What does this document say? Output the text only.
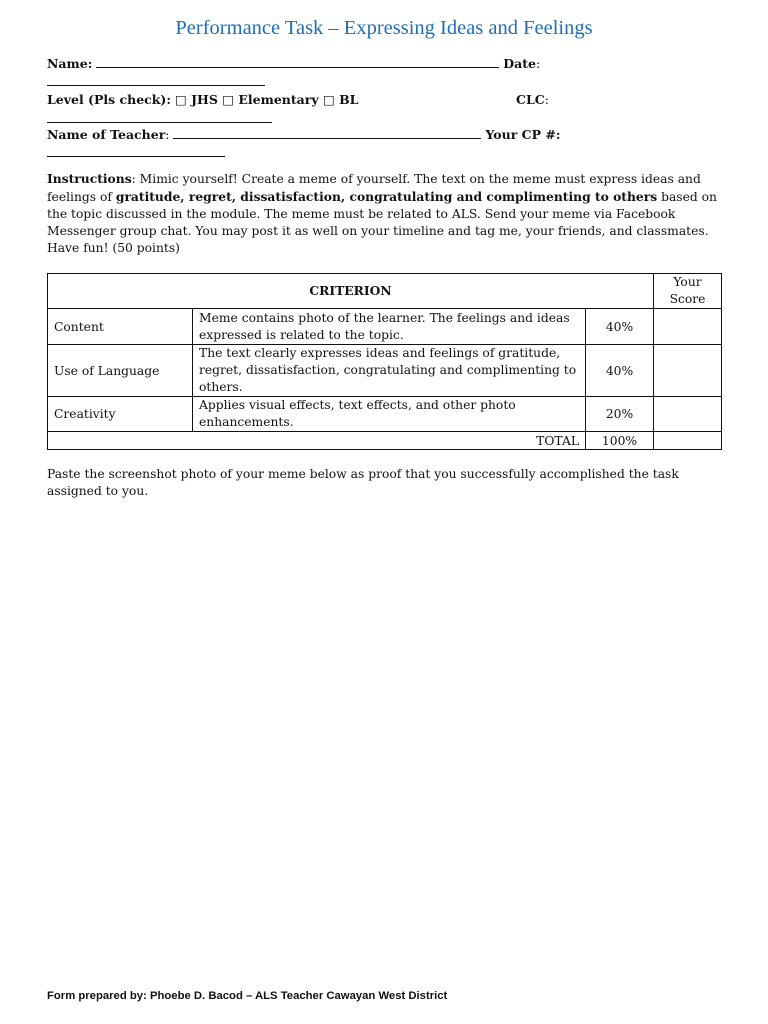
Performance Task – Expressing Ideas and Feelings
Name:	Date:
Level (Pls check): □ JHS □ Elementary □ BL	CLC:
Name of Teacher:	Your CP #:

Instructions: Mimic yourself! Create a meme of yourself. The text on the meme must express ideas and feelings of gratitude, regret, dissatisfaction, congratulating and complimenting to others based on the topic discussed in the module. The meme must be related to ALS. Send your meme via Facebook Messenger group chat. You may post it as well on your timeline and tag me, your friends, and classmates. Have fun! (50 points)

CRITERION			Your Score
Content	Meme contains photo of the learner. The feelings and ideas expressed is related to the topic.	40%	
Use of Language	The text clearly expresses ideas and feelings of gratitude, regret, dissatisfaction, congratulating and complimenting to others.	40%	
Creativity	Applies visual effects, text effects, and other photo enhancements.	20%	
TOTAL		100%	

Paste the screenshot photo of your meme below as proof that you successfully accomplished the task assigned to you.

Form prepared by: Phoebe D. Bacod – ALS Teacher Cawayan West District
